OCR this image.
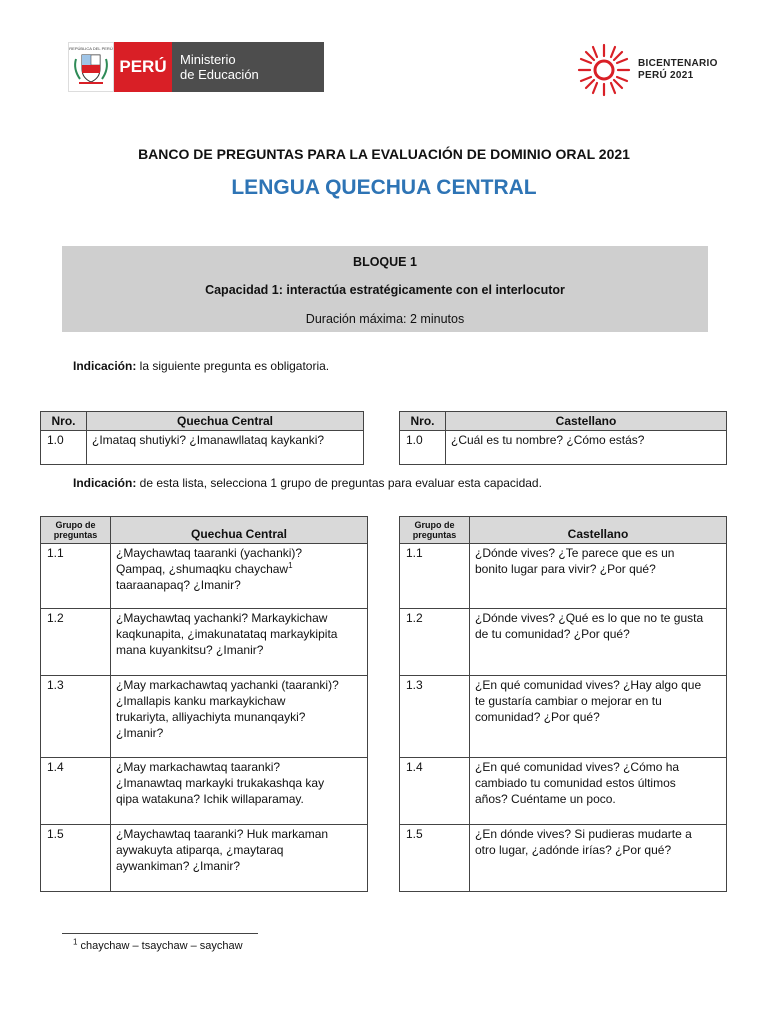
REPÚBLICA DEL PERÚ
PERÚ	Ministerio
de Educación
BICENTENARIO
PERÚ 2021
BANCO DE PREGUNTAS PARA LA EVALUACIÓN DE DOMINIO ORAL 2021
LENGUA QUECHUA CENTRAL
BLOQUE 1
Capacidad 1: interactúa estratégicamente con el interlocutor
Duración máxima: 2 minutos
Indicación: la siguiente pregunta es obligatoria.
Nro.	Quechua Central
1.0	¿Imataq shutiyki? ¿Imanawllataq kaykanki?
Nro.	Castellano
1.0	¿Cuál es tu nombre? ¿Cómo estás?
Indicación: de esta lista, selecciona 1 grupo de preguntas para evaluar esta capacidad.
Grupo de preguntas	Quechua Central
1.1	¿Maychawtaq taaranki (yachanki)?
Qampaq, ¿shumaqku chaychaw$^1$
taaraanapaq? ¿Imanir?

1.2	¿Maychawtaq yachanki? Markaykichaw
kaqkunapita, ¿imakunatataq markaykipita
mana kuyankitsu? ¿Imanir?

1.3	¿May markachawtaq yachanki (taaranki)?
¿Imallapis kanku markaykichaw
trukariyta, alliyachiyta munanqayki?
¿Imanir?

1.4	¿May markachawtaq taaranki?
¿Imanawtaq markayki trukakashqa kay
qipa watakuna? Ichik willaparamay.

1.5	¿Maychawtaq taaranki? Huk markaman
aywakuyta atiparqa, ¿maytaraq
aywankiman? ¿Imanir?
Grupo de preguntas	Castellano
1.1	¿Dónde vives? ¿Te parece que es un
bonito lugar para vivir? ¿Por qué?

1.2	¿Dónde vives? ¿Qué es lo que no te gusta
de tu comunidad? ¿Por qué?

1.3	¿En qué comunidad vives? ¿Hay algo que
te gustaría cambiar o mejorar en tu
comunidad? ¿Por qué?

1.4	¿En qué comunidad vives? ¿Cómo ha
cambiado tu comunidad estos últimos
años? Cuéntame un poco.

1.5	¿En dónde vives? Si pudieras mudarte a
otro lugar, ¿adónde irías? ¿Por qué?
$^1$ chaychaw – tsaychaw – saychaw
